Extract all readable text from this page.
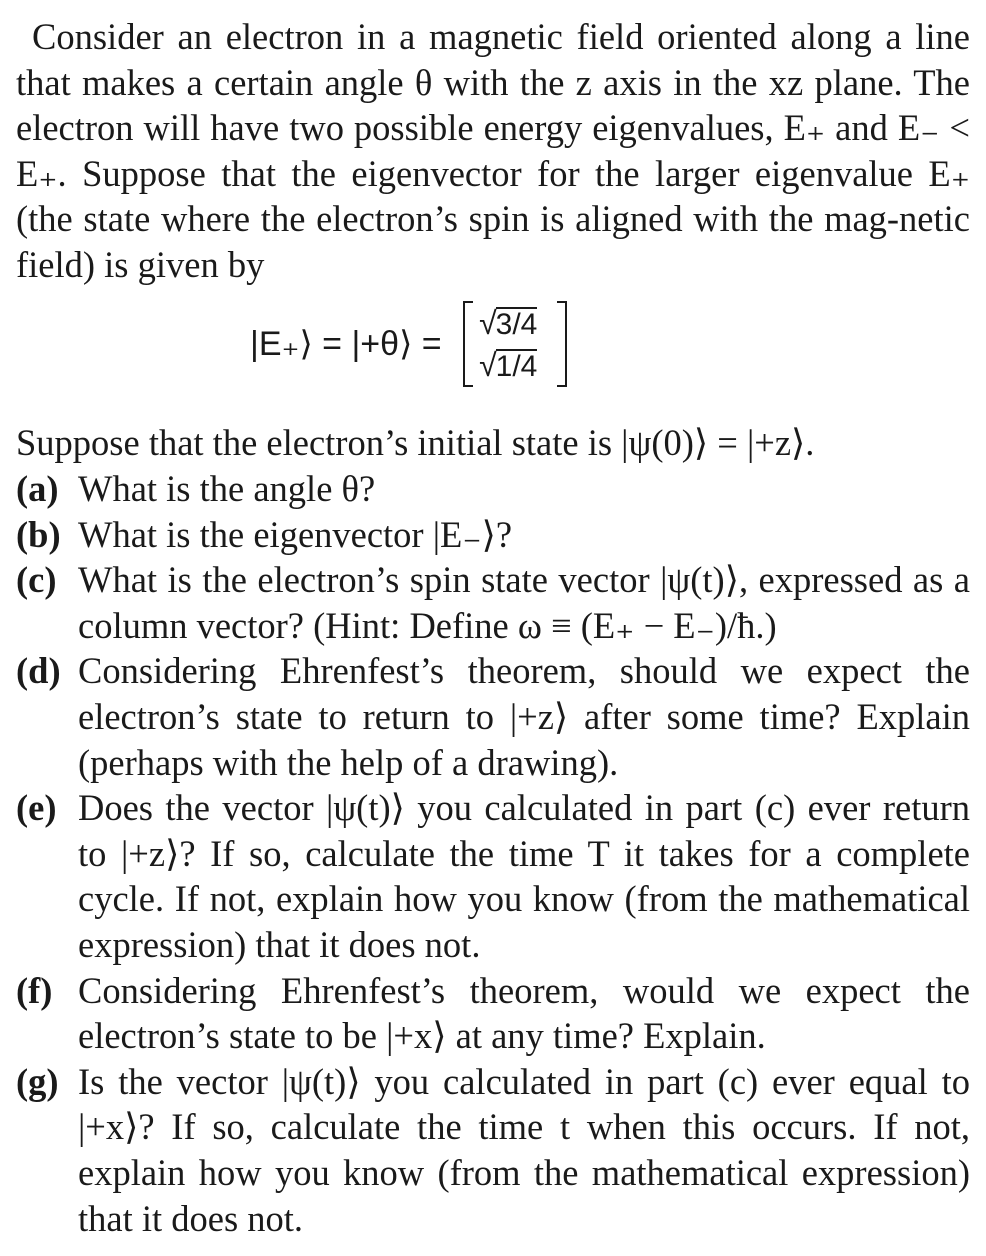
Consider an electron in a magnetic field oriented along a line that makes a certain angle θ with the z axis in the xz plane. The electron will have two possible energy eigenvalues, E₊ and E₋ < E₊. Suppose that the eigenvector for the larger eigenvalue E₊ (the state where the electron’s spin is aligned with the mag-netic field) is given by
|E₊⟩ = |+θ⟩ =
√ 3/4
√ 1/4
Suppose that the electron’s initial state is |ψ(0)⟩ = |+z⟩.
(a) What is the angle θ?
(b) What is the eigenvector |E₋⟩?
(c) What is the electron’s spin state vector |ψ(t)⟩, expressed as a column vector? (Hint: Define ω ≡ (E₊ − E₋)/ħ.)
(d) Considering Ehrenfest’s theorem, should we expect the electron’s state to return to |+z⟩ after some time? Explain (perhaps with the help of a drawing).
(e) Does the vector |ψ(t)⟩ you calculated in part (c) ever return to |+z⟩? If so, calculate the time T it takes for a complete cycle. If not, explain how you know (from the mathematical expression) that it does not.
(f) Considering Ehrenfest’s theorem, would we expect the electron’s state to be |+x⟩ at any time? Explain.
(g) Is the vector |ψ(t)⟩ you calculated in part (c) ever equal to |+x⟩? If so, calculate the time t when this occurs. If not, explain how you know (from the mathematical expression) that it does not.
